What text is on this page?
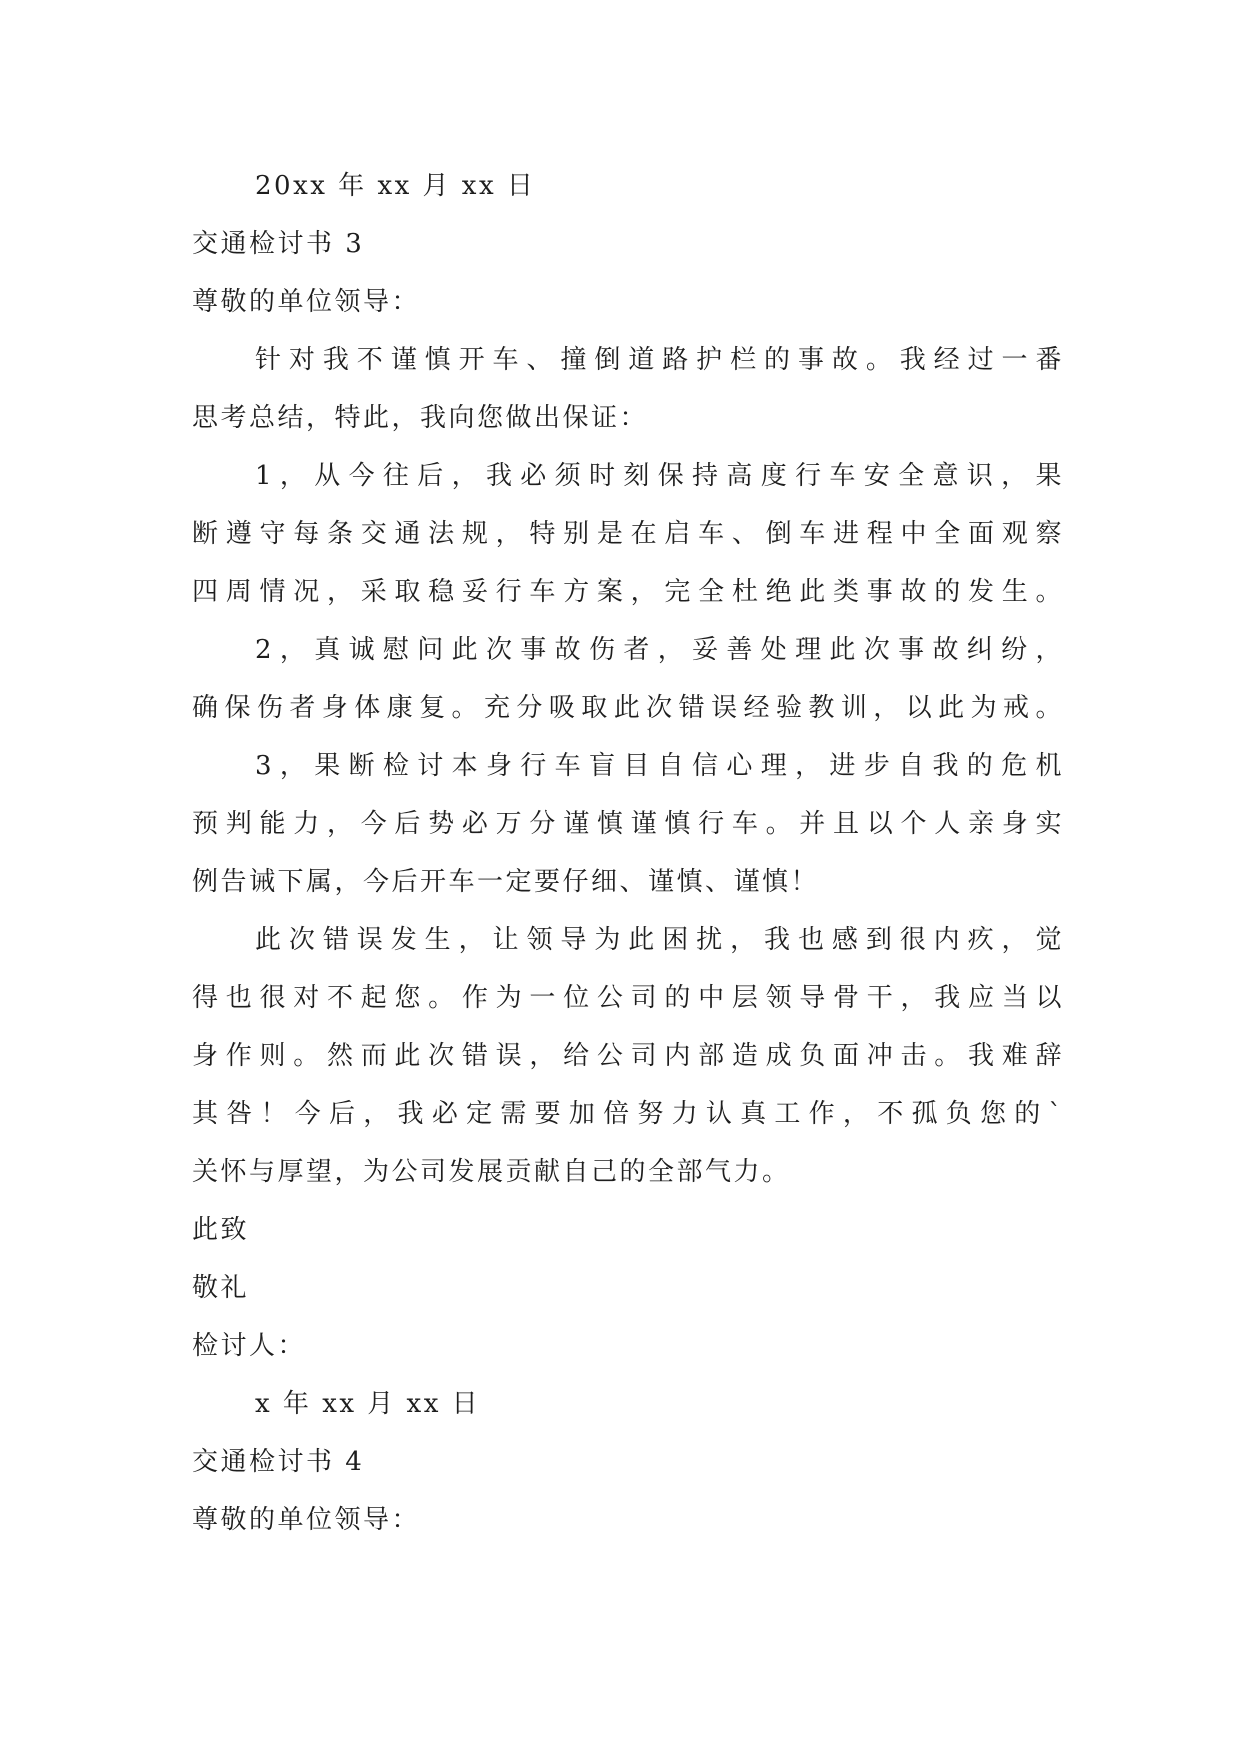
20xx 年 xx 月 xx 日
交通检讨书 3
尊敬的单位领导：
针对我不谨慎开车、撞倒道路护栏的事故。我经过一番
思考总结，特此，我向您做出保证：
1，从今往后，我必须时刻保持高度行车安全意识，果
断遵守每条交通法规，特别是在启车、倒车进程中全面观察
四周情况，采取稳妥行车方案，完全杜绝此类事故的发生。
2，真诚慰问此次事故伤者，妥善处理此次事故纠纷，
确保伤者身体康复。充分吸取此次错误经验教训，以此为戒。
3，果断检讨本身行车盲目自信心理，进步自我的危机
预判能力，今后势必万分谨慎谨慎行车。并且以个人亲身实
例告诫下属，今后开车一定要仔细、谨慎、谨慎！
此次错误发生，让领导为此困扰，我也感到很内疚，觉
得也很对不起您。作为一位公司的中层领导骨干，我应当以
身作则。然而此次错误，给公司内部造成负面冲击。我难辞
其咎！今后，我必定需要加倍努力认真工作，不孤负您的`
关怀与厚望，为公司发展贡献自己的全部气力。
此致
敬礼
检讨人：
x 年 xx 月 xx 日
交通检讨书 4
尊敬的单位领导：
